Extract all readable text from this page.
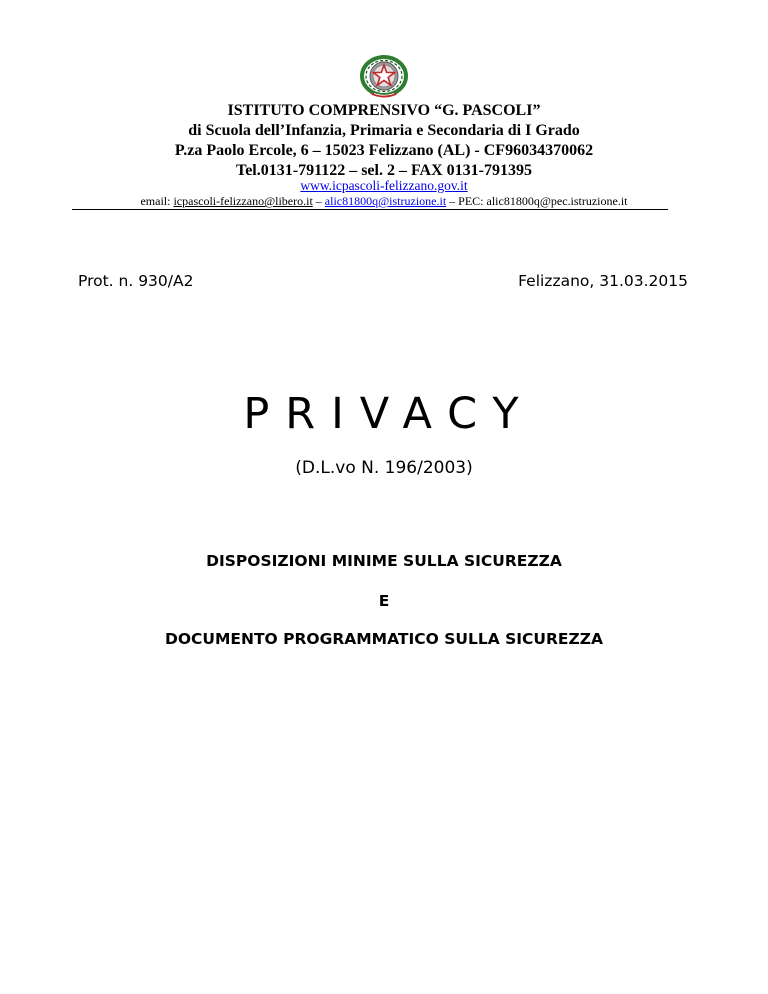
ISTITUTO COMPRENSIVO “G. PASCOLI”
di Scuola dell’Infanzia, Primaria e Secondaria di I Grado
P.za Paolo Ercole, 6 – 15023 Felizzano (AL) - CF96034370062
Tel.0131-791122 – sel. 2 – FAX 0131-791395
www.icpascoli-felizzano.gov.it
email: icpascoli-felizzano@libero.it – alic81800q@istruzione.it – PEC: alic81800q@pec.istruzione.it
Prot. n. 930/A2	Felizzano, 31.03.2015
PRIVACY
(D.L.vo N. 196/2003)
DISPOSIZIONI MINIME SULLA SICUREZZA
E
DOCUMENTO PROGRAMMATICO SULLA SICUREZZA
